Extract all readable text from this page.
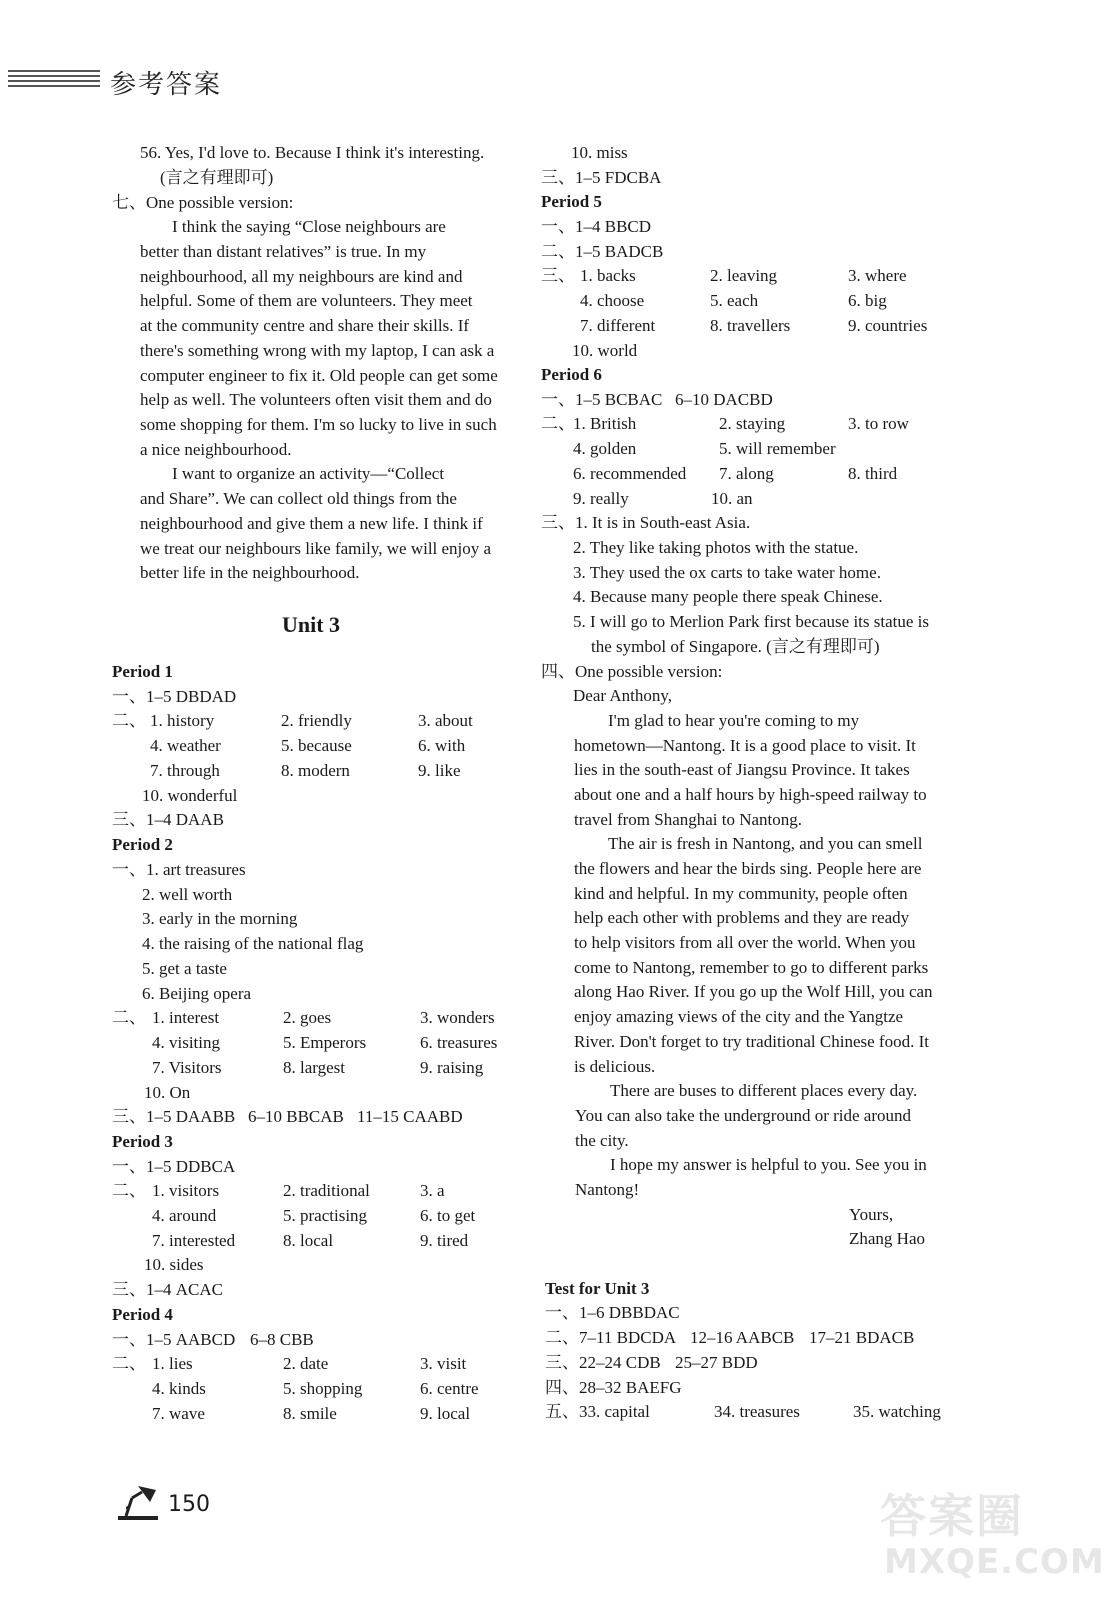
参考答案
56. Yes, I'd love to. Because I think it's interesting.
(言之有理即可)
七、One possible version:
I think the saying “Close neighbours are
better than distant relatives” is true. In my
neighbourhood, all my neighbours are kind and
helpful. Some of them are volunteers. They meet
at the community centre and share their skills. If
there's something wrong with my laptop, I can ask a
computer engineer to fix it. Old people can get some
help as well. The volunteers often visit them and do
some shopping for them. I'm so lucky to live in such
a nice neighbourhood.
I want to organize an activity—“Collect
and Share”. We can collect old things from the
neighbourhood and give them a new life. I think if
we treat our neighbours like family, we will enjoy a
better life in the neighbourhood.
Unit 3
Period 1
一、1–5 DBDAD
二、 1. history	2. friendly	3. about
4. weather	5. because	6. with
7. through	8. modern	9. like
10. wonderful
三、1–4 DAAB
Period 2
一、1. art treasures
2. well worth
3. early in the morning
4. the raising of the national flag
5. get a taste
6. Beijing opera
二、 1. interest	2. goes	3. wonders
4. visiting	5. Emperors	6. treasures
7. Visitors	8. largest	9. raising
10. On
三、1–5 DAABB 6–10 BBCAB 11–15 CAABD
Period 3
一、1–5 DDBCA
二、 1. visitors	2. traditional	3. a
4. around	5. practising	6. to get
7. interested	8. local	9. tired
10. sides
三、1–4 ACAC
Period 4
一、1–5 AABCD 6–8 CBB
二、 1. lies	2. date	3. visit
4. kinds	5. shopping	6. centre
7. wave	8. smile	9. local
10. miss
三、1–5 FDCBA
Period 5
一、1–4 BBCD
二、1–5 BADCB
三、 1. backs	2. leaving	3. where
4. choose	5. each	6. big
7. different	8. travellers	9. countries
10. world
Period 6
一、1–5 BCBAC 6–10 DACBD
二、
1. British	2. staying	3. to row
4. golden	5. will remember
6. recommended 7. along	8. third
9. really	10. an
三、1. It is in South-east Asia.
2. They like taking photos with the statue.
3. They used the ox carts to take water home.
4. Because many people there speak Chinese.
5. I will go to Merlion Park first because its statue is
the symbol of Singapore. (言之有理即可)
四、One possible version:
Dear Anthony,
I'm glad to hear you're coming to my
hometown—Nantong. It is a good place to visit. It
lies in the south-east of Jiangsu Province. It takes
about one and a half hours by high-speed railway to
travel from Shanghai to Nantong.
The air is fresh in Nantong, and you can smell
the flowers and hear the birds sing. People here are
kind and helpful. In my community, people often
help each other with problems and they are ready
to help visitors from all over the world. When you
come to Nantong, remember to go to different parks
along Hao River. If you go up the Wolf Hill, you can
enjoy amazing views of the city and the Yangtze
River. Don't forget to try traditional Chinese food. It
is delicious.
There are buses to different places every day.
You can also take the underground or ride around
the city.
I hope my answer is helpful to you. See you in
Nantong!
Yours,
Zhang Hao
Test for Unit 3
一、1–6 DBBDAC
二、7–11 BDCDA 12–16 AABCB 17–21 BDACB
三、22–24 CDB 25–27 BDD
四、28–32 BAEFG
五、33. capital	34. treasures	35. watching
150	答案圈
MXQE.COM
